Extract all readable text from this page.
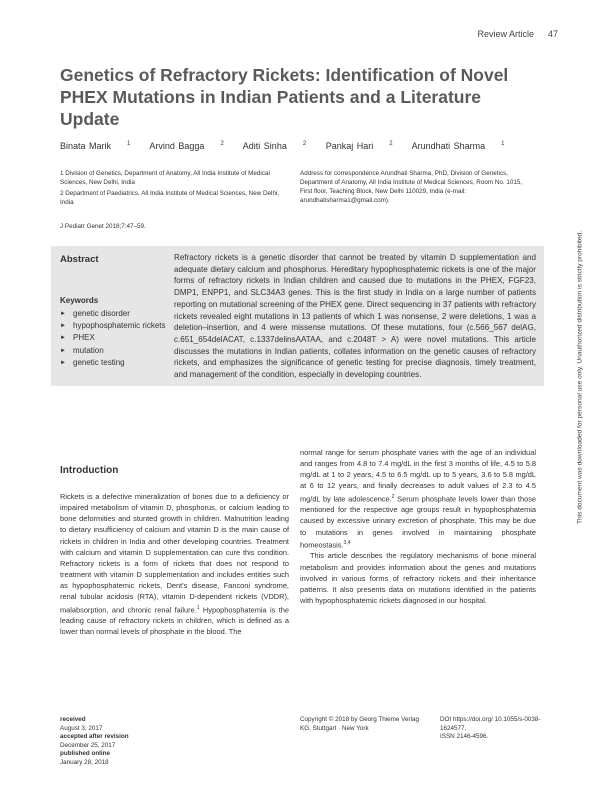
Review Article 47
Genetics of Refractory Rickets: Identification of Novel PHEX Mutations in Indian Patients and a Literature Update
Binata Marik	$^1$ Arvind Bagga	$^2$ Aditi Sinha	$^2$ Pankaj Hari	$^2$ Arundhati Sharma	$^1$

1 Division of Genetics, Department of Anatomy, All India Institute of Medical Sciences, New Delhi, India

2 Department of Paediatrics, All India Institute of Medical Sciences, New Delhi, India

Address for correspondence Arundhati Sharma, PhD, Division of Genetics, Department of Anatomy, All India Institute of Medical Sciences, Room No. 1015, First floor, Teaching Block, New Delhi 110029, India (e-mail: arundhatisharma1@gmail.com).
J Pediatr Genet 2018;7:47–59.
Abstract	Refractory rickets is a genetic disorder that cannot be treated by vitamin D supplementation and adequate dietary calcium and phosphorus. Hereditary hypophosphatemic rickets is one of the major forms of refractory rickets in Indian children and caused due to mutations in the PHEX, FGF23, DMP1, ENPP1, and SLC34A3 genes. This is the first study in India on a large number of patients reporting on mutational screening of the PHEX gene. Direct sequencing in 37 patients with refractory rickets revealed eight mutations in 13 patients of which 1 was nonsense, 2 were deletions, 1 was a deletion–insertion, and 4 were missense mutations. Of these mutations, four (c.566_567 delAG, c.651_654delACAT, c.1337delinsAATAA, and c.2048T > A) were novel mutations. This article discusses the mutations in Indian patients, collates information on the genetic causes of refractory rickets, and emphasizes the significance of genetic testing for precise diagnosis, timely treatment, and management of the condition, especially in developing countries.
Keywords
► genetic disorder
► hypophosphatemic rickets
► PHEX
► mutation
► genetic testing
Introduction

Rickets is a defective mineralization of bones due to a deficiency or impaired metabolism of vitamin D, phosphorus, or calcium leading to bone deformities and stunted growth in children. Malnutrition leading to dietary insufficiency of calcium and vitamin D is the main cause of rickets in children in India and other developing countries. Treatment with calcium and vitamin D supplementation can cure this condition. Refractory rickets is a form of rickets that does not respond to treatment with vitamin D supplementation and includes entities such as hypophosphatemic rickets, Dent's disease, Fanconi syndrome, renal tubular acidosis (RTA), vitamin D-dependent rickets (VDDR), malabsorption, and chronic renal failure.$^1$ Hypophosphatemia is the leading cause of refractory rickets in children, which is defined as a lower than normal levels of phosphate in the blood. The

normal range for serum phosphate varies with the age of an individual and ranges from 4.8 to 7.4 mg/dL in the first 3 months of life, 4.5 to 5.8 mg/dL at 1 to 2 years, 4.5 to 6.5 mg/dL up to 5 years, 3.6 to 5.8 mg/dL at 6 to 12 years, and finally decreases to adult values of 2.3 to 4.5 mg/dL by late adolescence.$^2$ Serum phosphate levels lower than those mentioned for the respective age groups result in hypophosphatemia caused by excessive urinary excretion of phosphate. This may be due to mutations in genes involved in maintaining phosphate homeostasis.$^{3,4}$

This article describes the regulatory mechanisms of bone mineral metabolism and provides information about the genes and mutations involved in various forms of refractory rickets and their inheritance patterns. It also presents data on mutations identified in the patients with hypophosphatemic rickets diagnosed in our hospital.

received
August 3, 2017
accepted after revision
December 25, 2017
published online
January 28, 2018
Copyright © 2018 by Georg Thieme Verlag KG, Stuttgart · New York
DOI https://doi.org/ 10.1055/s-0038-1624577.
ISSN 2146-4596.
This document was downloaded for personal use only. Unauthorized distribution is strictly prohibited.
